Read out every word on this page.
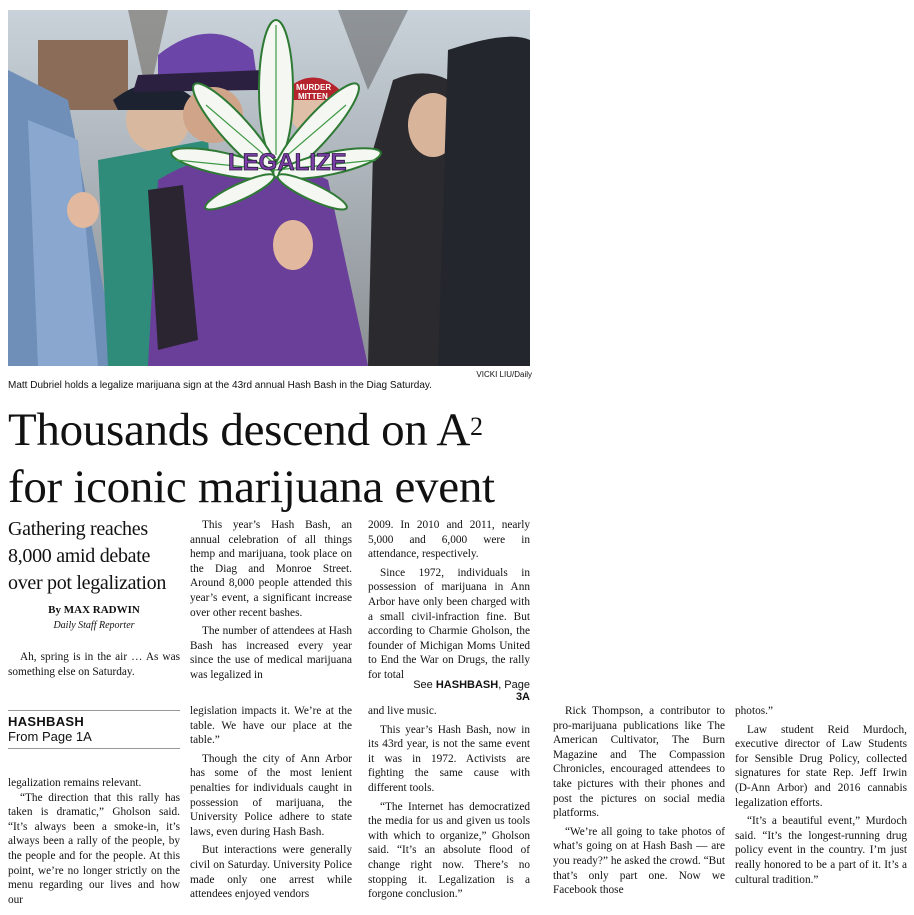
LEGALIZE
MURDER
MITTEN
VICKI LIU/Daily
Matt Dubriel holds a legalize marijuana sign at the 43rd annual Hash Bash in the Diag Saturday.
Thousands descend on $A^2$
for iconic marijuana event
Gathering reaches 8,000 amid debate over pot legalization
By MAX RADWIN
Daily Staff Reporter

Ah, spring is in the air … As was something else on Saturday.

This year’s Hash Bash, an annual celebration of all things hemp and marijuana, took place on the Diag and Monroe Street. Around 8,000 people attended this year’s event, a significant increase over other recent bashes.

The number of attendees at Hash Bash has increased every year since the use of medical marijuana was legalized in

2009. In 2010 and 2011, nearly 5,000 and 6,000 were in attendance, respectively.

Since 1972, individuals in possession of marijuana in Ann Arbor have only been charged with a small civil-infraction fine. But according to Charmie Gholson, the founder of Michigan Moms United to End the War on Drugs, the rally for total

See HASHBASH, Page 3A
HASHBASH
From Page 1A

legalization remains relevant.

“The direction that this rally has taken is dramatic,” Gholson said. “It’s always been a smoke-in, it’s always been a rally of the people, by the people and for the people. At this point, we’re no longer strictly on the menu regarding our lives and how our

legislation impacts it. We’re at the table. We have our place at the table.”

Though the city of Ann Arbor has some of the most lenient penalties for individuals caught in possession of marijuana, the University Police adhere to state laws, even during Hash Bash.

But interactions were generally civil on Saturday. University Police made only one arrest while attendees enjoyed vendors

and live music.

This year’s Hash Bash, now in its 43rd year, is not the same event it was in 1972. Activists are fighting the same cause with different tools.

“The Internet has democratized the media for us and given us tools with which to organize,” Gholson said. “It’s an absolute flood of change right now. There’s no stopping it. Legalization is a forgone conclusion.”

Rick Thompson, a contributor to pro-marijuana publications like The American Cultivator, The Burn Magazine and The Compassion Chronicles, encouraged attendees to take pictures with their phones and post the pictures on social media platforms.

“We’re all going to take photos of what’s going on at Hash Bash — are you ready?” he asked the crowd. “But that’s only part one. Now we Facebook those

photos.”

Law student Reid Murdoch, executive director of Law Students for Sensible Drug Policy, collected signatures for state Rep. Jeff Irwin (D-Ann Arbor) and 2016 cannabis legalization efforts.

“It’s a beautiful event,” Murdoch said. “It’s the longest-running drug policy event in the country. I’m just really honored to be a part of it. It’s a cultural tradition.”
